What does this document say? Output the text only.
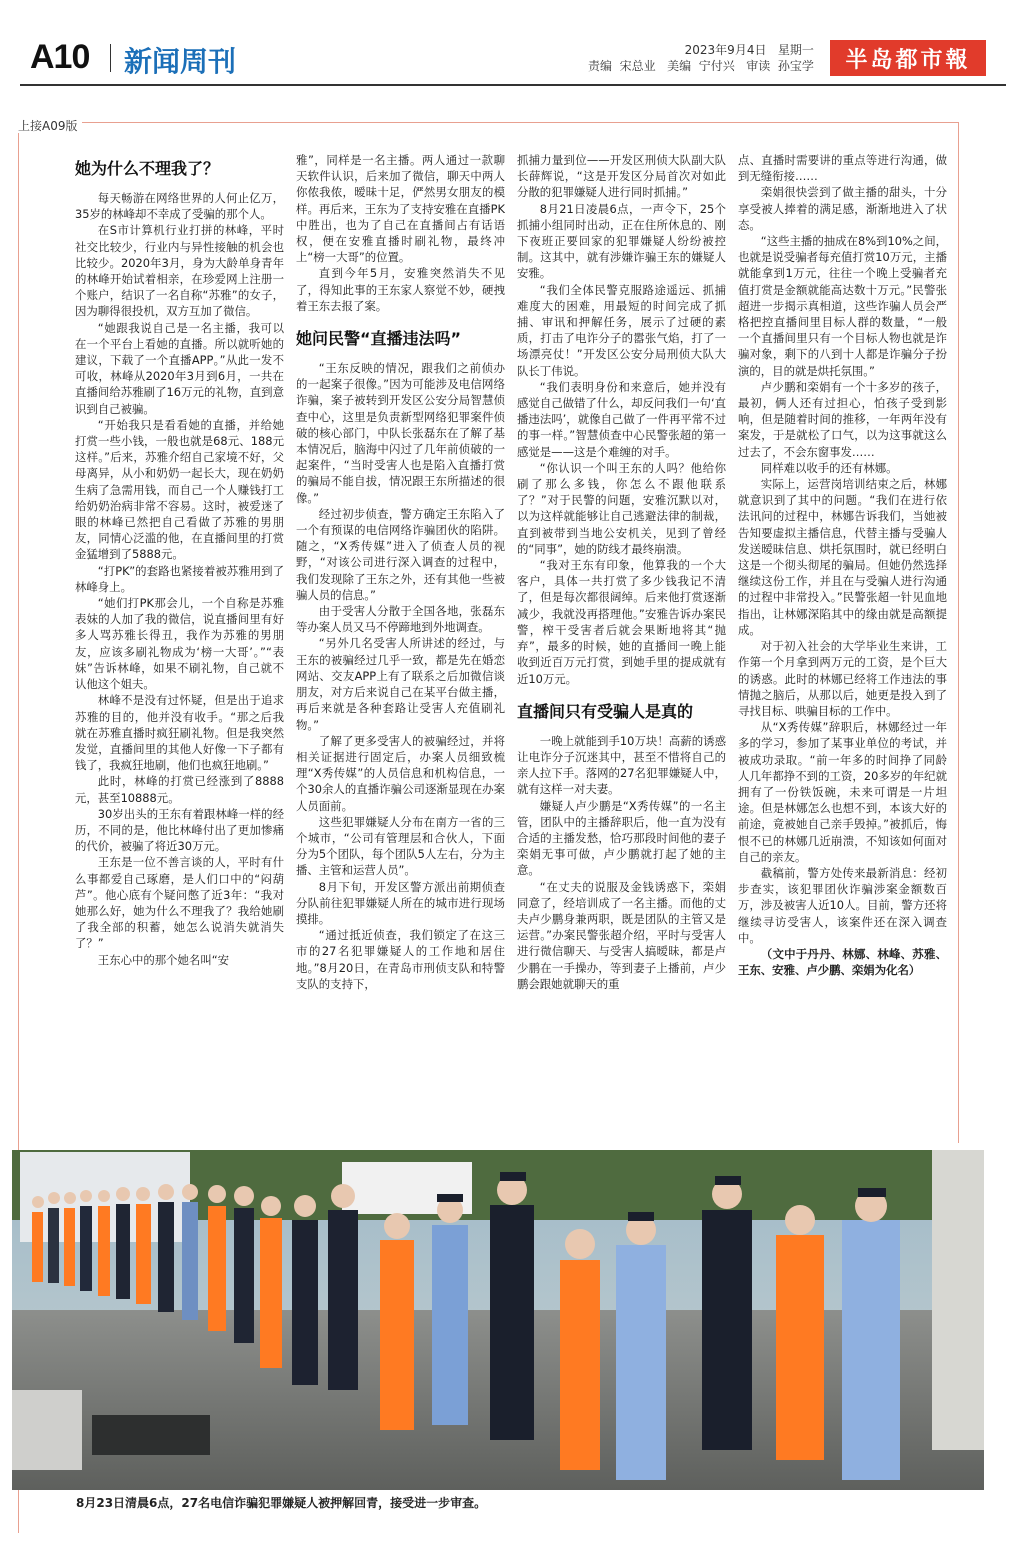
A10 新闻周刊	2023年9月4日 星期一
责编 宋总业 美编 宁付兴 审读 孙宝学	半岛都市報
上接A09版
她为什么不理我了？

每天畅游在网络世界的人何止亿万，35岁的林峰却不幸成了受骗的那个人。

在S市计算机行业打拼的林峰，平时社交比较少，行业内与异性接触的机会也比较少。2020年3月，身为大龄单身青年的林峰开始试着相亲，在珍爱网上注册一个账户，结识了一名自称“苏雅”的女子，因为聊得很投机，双方互加了微信。

“她跟我说自己是一名主播，我可以在一个平台上看她的直播。所以就听她的建议，下载了一个直播APP。”从此一发不可收，林峰从2020年3月到6月，一共在直播间给苏雅刷了16万元的礼物，直到意识到自己被骗。

“开始我只是看看她的直播，并给她打赏一些小钱，一般也就是68元、188元这样。”后来，苏雅介绍自己家境不好，父母离异，从小和奶奶一起长大，现在奶奶生病了急需用钱，而自己一个人赚钱打工给奶奶治病非常不容易。这时，被爱迷了眼的林峰已然把自己看做了苏雅的男朋友，同情心泛滥的他，在直播间里的打赏金猛增到了5888元。

“打PK”的套路也紧接着被苏雅用到了林峰身上。

“她们打PK那会儿，一个自称是苏雅表妹的人加了我的微信，说直播间里有好多人骂苏雅长得丑，我作为苏雅的男朋友，应该多刷礼物成为‘榜一大哥’。”“表妹”告诉林峰，如果不刷礼物，自己就不认他这个姐夫。

林峰不是没有过怀疑，但是出于追求苏雅的目的，他并没有收手。“那之后我就在苏雅直播时疯狂刷礼物。但是我突然发觉，直播间里的其他人好像一下子都有钱了，我疯狂地刷，他们也疯狂地刷。”

此时，林峰的打赏已经涨到了8888元，甚至10888元。

30岁出头的王东有着跟林峰一样的经历，不同的是，他比林峰付出了更加惨痛的代价，被骗了将近30万元。

王东是一位不善言谈的人，平时有什么事都爱自己琢磨，是人们口中的“闷葫芦”。他心底有个疑问憋了近3年：“我对她那么好，她为什么不理我了？我给她刷了我全部的积蓄，她怎么说消失就消失了？”

王东心中的那个她名叫“安

雅”，同样是一名主播。两人通过一款聊天软件认识，后来加了微信，聊天中两人你侬我侬，暧昧十足，俨然男女朋友的模样。再后来，王东为了支持安雅在直播PK中胜出，也为了自己在直播间占有话语权，便在安雅直播时刷礼物，最终冲上“榜一大哥”的位置。

直到今年5月，安雅突然消失不见了，得知此事的王东家人察觉不妙，硬拽着王东去报了案。

她问民警“直播违法吗”

“王东反映的情况，跟我们之前侦办的一起案子很像。”因为可能涉及电信网络诈骗，案子被转到开发区公安分局智慧侦查中心，这里是负责新型网络犯罪案件侦破的核心部门，中队长张磊东在了解了基本情况后，脑海中闪过了几年前侦破的一起案件，“当时受害人也是陷入直播打赏的骗局不能自拔，情况跟王东所描述的很像。”

经过初步侦查，警方确定王东陷入了一个有预谋的电信网络诈骗团伙的陷阱。随之，“X秀传媒”进入了侦查人员的视野，“对该公司进行深入调查的过程中，我们发现除了王东之外，还有其他一些被骗人员的信息。”

由于受害人分散于全国各地，张磊东等办案人员又马不停蹄地到外地调查。

“另外几名受害人所讲述的经过，与王东的被骗经过几乎一致，都是先在婚恋网站、交友APP上有了联系之后加微信谈朋友，对方后来说自己在某平台做主播，再后来就是各种套路让受害人充值刷礼物。”

了解了更多受害人的被骗经过，并将相关证据进行固定后，办案人员细致梳理“X秀传媒”的人员信息和机构信息，一个30余人的直播诈骗公司逐渐显现在办案人员面前。

这些犯罪嫌疑人分布在南方一省的三个城市，“公司有管理层和合伙人，下面分为5个团队，每个团队5人左右，分为主播、主管和运营人员”。

8月下旬，开发区警方派出前期侦查分队前往犯罪嫌疑人所在的城市进行现场摸排。

“通过抵近侦查，我们锁定了在这三市的27名犯罪嫌疑人的工作地和居住地。”8月20日，在青岛市刑侦支队和特警支队的支持下，

抓捕力量到位——开发区刑侦大队副大队长薛辉说，“这是开发区分局首次对如此分散的犯罪嫌疑人进行同时抓捕。”

8月21日凌晨6点，一声令下，25个抓捕小组同时出动，正在住所休息的、刚下夜班正要回家的犯罪嫌疑人纷纷被控制。这其中，就有涉嫌诈骗王东的嫌疑人安雅。

“我们全体民警克服路途遥远、抓捕难度大的困难，用最短的时间完成了抓捕、审讯和押解任务，展示了过硬的素质，打击了电诈分子的嚣张气焰，打了一场漂亮仗！”开发区公安分局刑侦大队大队长丁伟说。

“我们表明身份和来意后，她并没有感觉自己做错了什么，却反问我们一句‘直播违法吗’，就像自己做了一件再平常不过的事一样。”智慧侦查中心民警张超的第一感觉是——这是个难缠的对手。

“你认识一个叫王东的人吗？他给你刷了那么多钱，你怎么不跟他联系了？”对于民警的问题，安雅沉默以对，以为这样就能够让自己逃避法律的制裁，直到被带到当地公安机关，见到了曾经的“同事”，她的防线才最终崩溃。

“我对王东有印象，他算我的一个大客户，具体一共打赏了多少钱我记不清了，但是每次都很阔绰。后来他打赏逐渐减少，我就没再搭理他。”安雅告诉办案民警，榨干受害者后就会果断地将其“抛弃”，最多的时候，她的直播间一晚上能收到近百万元打赏，到她手里的提成就有近10万元。

直播间只有受骗人是真的

一晚上就能到手10万块！高薪的诱惑让电诈分子沉迷其中，甚至不惜将自己的亲人拉下手。落网的27名犯罪嫌疑人中，就有这样一对夫妻。

嫌疑人卢少鹏是“X秀传媒”的一名主管，团队中的主播辞职后，他一直为没有合适的主播发愁，恰巧那段时间他的妻子栾娟无事可做，卢少鹏就打起了她的主意。

“在丈夫的说服及金钱诱惑下，栾娟同意了，经培训成了一名主播。而他的丈夫卢少鹏身兼两职，既是团队的主管又是运营。”办案民警张超介绍，平时与受害人进行微信聊天、与受害人搞暧昧，都是卢少鹏在一手操办，等到妻子上播前，卢少鹏会跟她就聊天的重

点、直播时需要讲的重点等进行沟通，做到无缝衔接……

栾娟很快尝到了做主播的甜头，十分享受被人捧着的满足感，渐渐地进入了状态。

“这些主播的抽成在8%到10%之间，也就是说受骗者每充值打赏10万元，主播就能拿到1万元，往往一个晚上受骗者充值打赏是金额就能高达数十万元。”民警张超进一步揭示真相道，这些诈骗人员会严格把控直播间里目标人群的数量，“一般一个直播间里只有一个目标人物也就是诈骗对象，剩下的八到十人都是诈骗分子扮演的，目的就是烘托氛围。”

卢少鹏和栾娟有一个十多岁的孩子，最初，俩人还有过担心，怕孩子受到影响，但是随着时间的推移，一年两年没有案发，于是就松了口气，以为这事就这么过去了，不会东窗事发……

同样难以收手的还有林娜。

实际上，运营岗培训结束之后，林娜就意识到了其中的问题。“我们在进行依法讯问的过程中，林娜告诉我们，当她被告知要虚拟主播信息，代替主播与受骗人发送暧昧信息、烘托氛围时，就已经明白这是一个彻头彻尾的骗局。但她仍然选择继续这份工作，并且在与受骗人进行沟通的过程中非常投入。”民警张超一针见血地指出，让林娜深陷其中的缘由就是高额提成。

对于初入社会的大学毕业生来讲，工作第一个月拿到两万元的工资，是个巨大的诱惑。此时的林娜已经将工作违法的事情抛之脑后，从那以后，她更是投入到了寻找目标、哄骗目标的工作中。

从“X秀传媒”辞职后，林娜经过一年多的学习，参加了某事业单位的考试，并被成功录取。“前一年多的时间挣了同龄人几年都挣不到的工资，20多岁的年纪就拥有了一份铁饭碗，未来可谓是一片坦途。但是林娜怎么也想不到，本该大好的前途，竟被她自己亲手毁掉。”被抓后，悔恨不已的林娜几近崩溃，不知该如何面对自己的亲友。

截稿前，警方处传来最新消息：经初步查实，该犯罪团伙诈骗涉案金额数百万，涉及被害人近10人。目前，警方还将继续寻访受害人，该案件还在深入调查中。

（文中于丹丹、林娜、林峰、苏雅、王东、安雅、卢少鹏、栾娟为化名）

8月23日清晨6点，27名电信诈骗犯罪嫌疑人被押解回青，接受进一步审查。
